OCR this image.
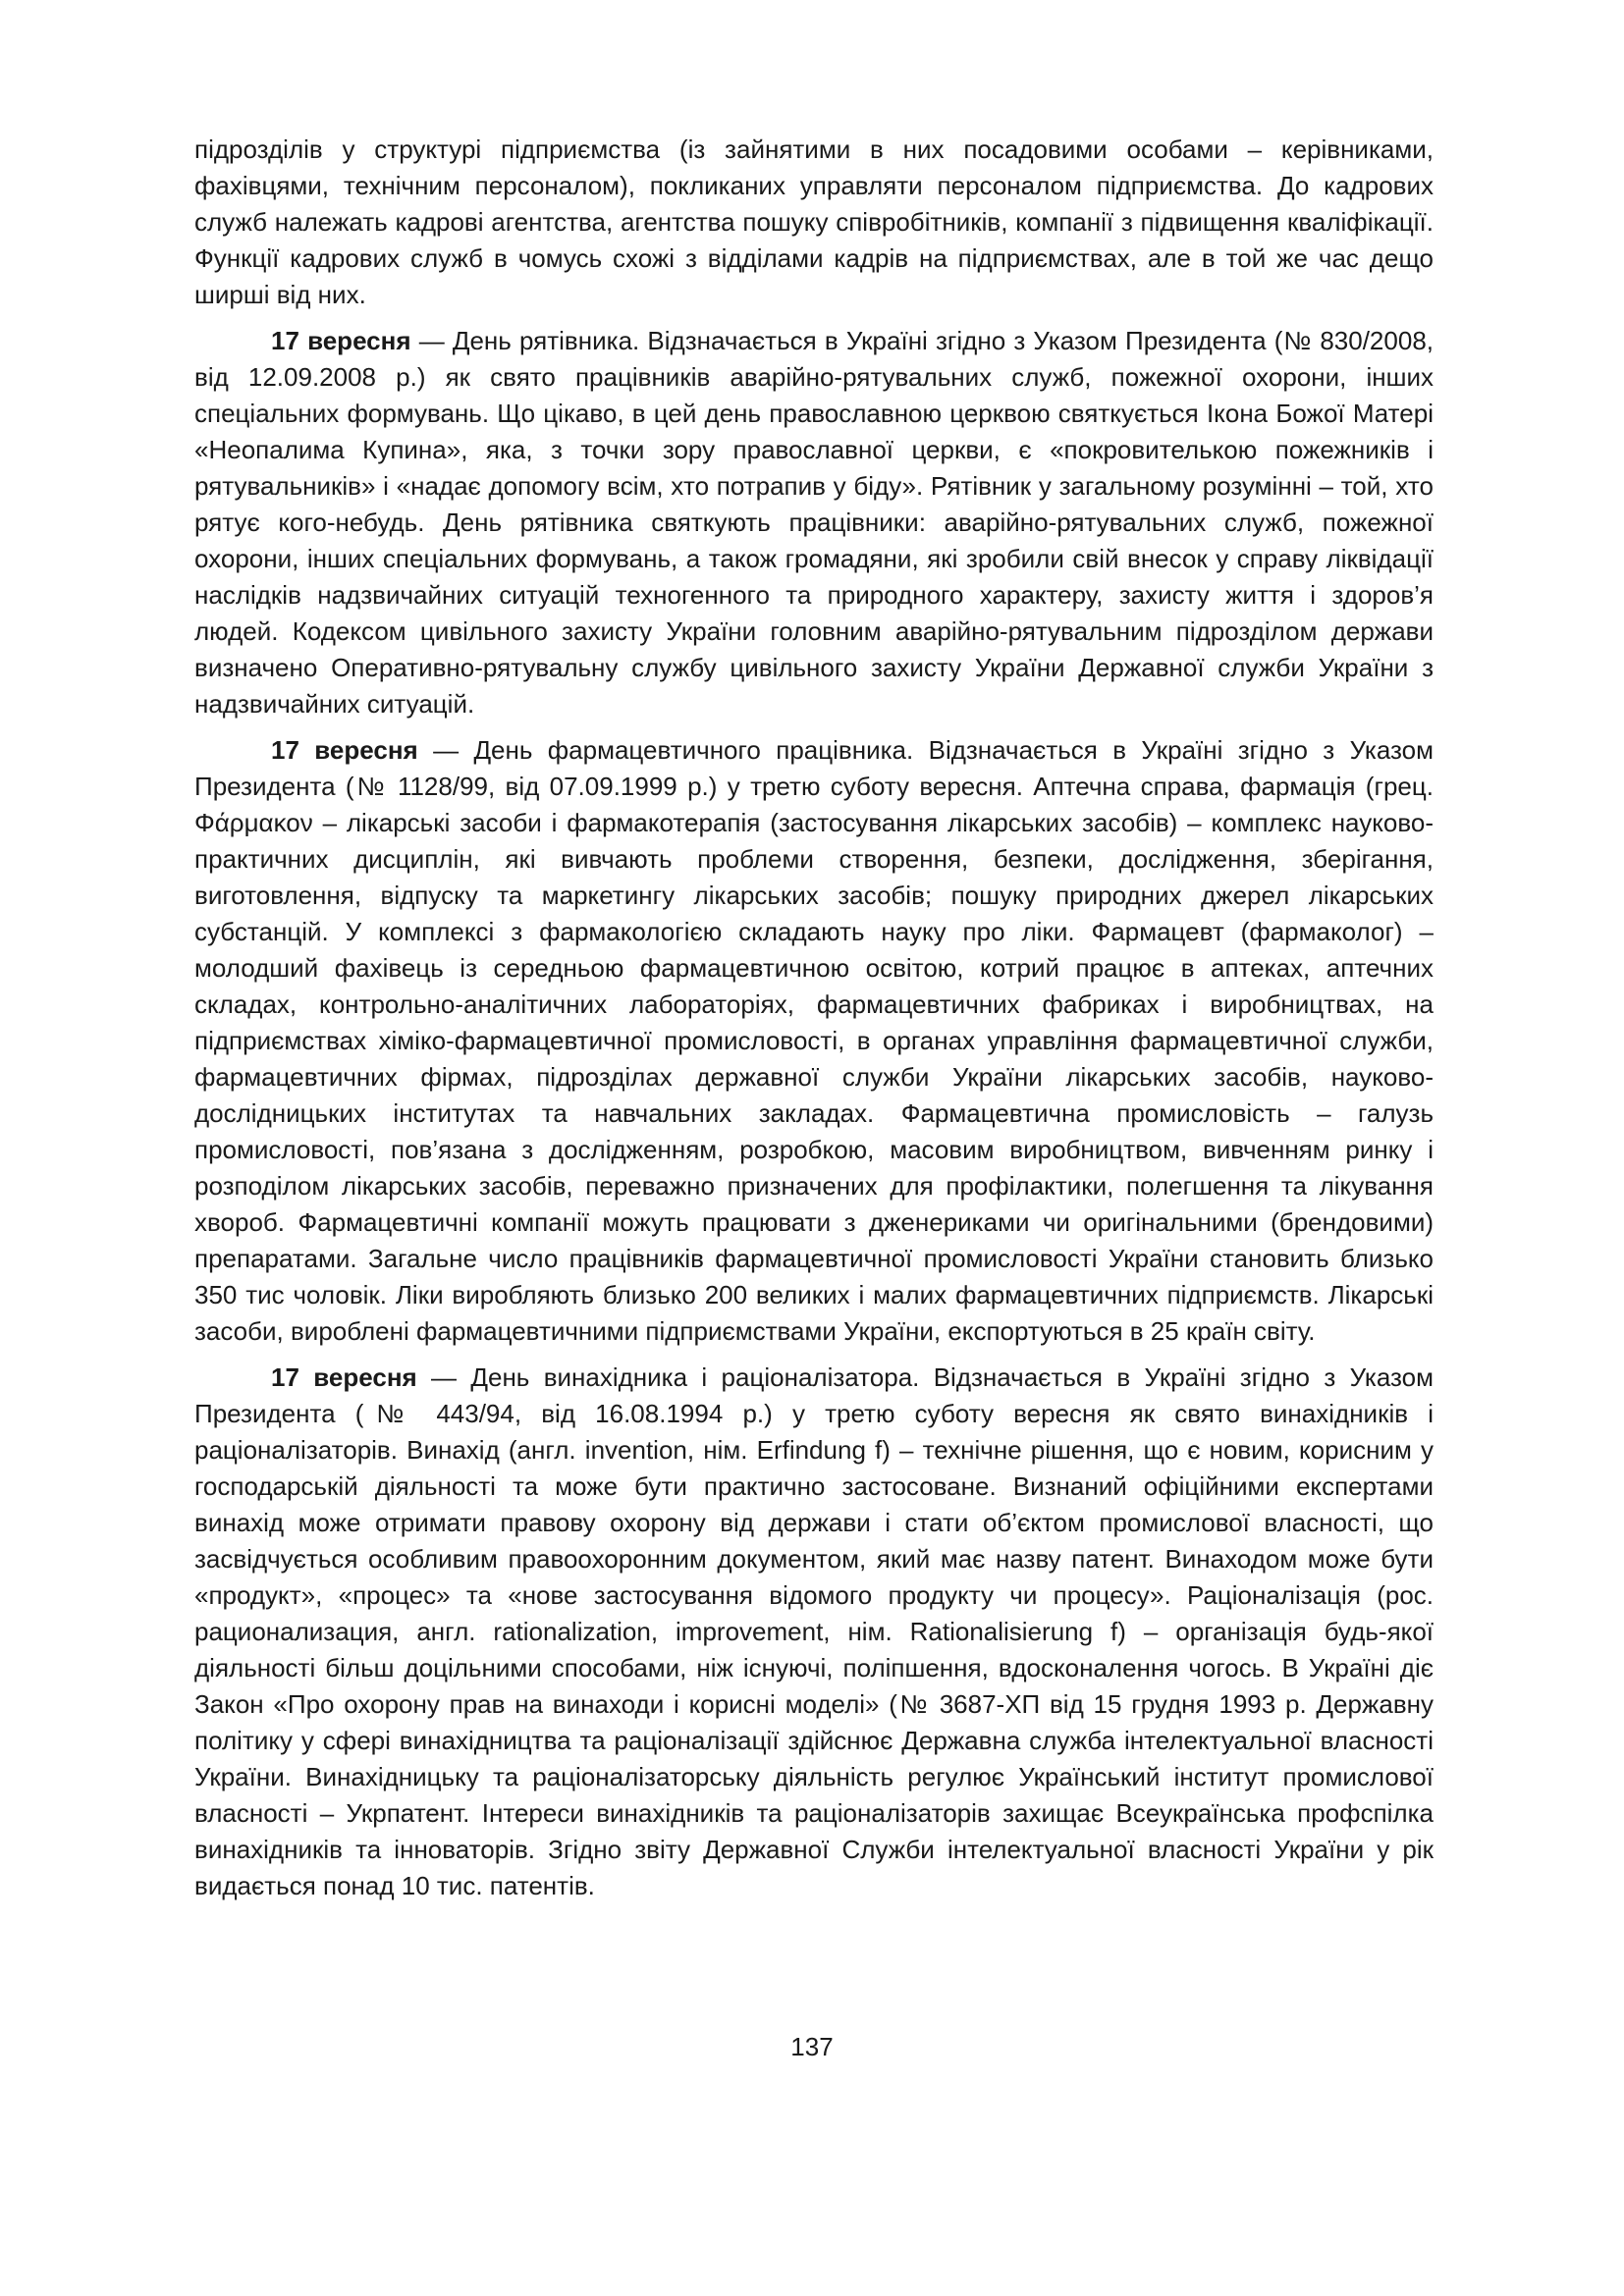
підрозділів у структурі підприємства (із зайнятими в них посадовими особами – керівниками, фахівцями, технічним персоналом), покликаних управляти персоналом підприємства. До кадрових служб належать кадрові агентства, агентства пошуку співробітників, компанії з підвищення кваліфікації. Функції кадрових служб в чомусь схожі з відділами кадрів на підприємствах, але в той же час дещо ширші від них.

17 вересня — День рятівника. Відзначається в Україні згідно з Указом Президента (№ 830/2008, від 12.09.2008 р.) як свято працівників аварійно-рятувальних служб, пожежної охорони, інших спеціальних формувань. Що цікаво, в цей день православною церквою святкується Ікона Божої Матері «Неопалима Купина», яка, з точки зору православної церкви, є «покровителькою пожежників і рятувальників» і «надає допомогу всім, хто потрапив у біду». Рятівник у загальному розумінні – той, хто рятує кого-небудь. День рятівника святкують працівники: аварійно-рятувальних служб, пожежної охорони, інших спеціальних формувань, а також громадяни, які зробили свій внесок у справу ліквідації наслідків надзвичайних ситуацій техногенного та природного характеру, захисту життя і здоров’я людей. Кодексом цивільного захисту України головним аварійно-рятувальним підрозділом держави визначено Оперативно-рятувальну службу цивільного захисту України Державної служби України з надзвичайних ситуацій.

17 вересня — День фармацевтичного працівника. Відзначається в Україні згідно з Указом Президента (№ 1128/99, від 07.09.1999 р.) у третю суботу вересня. Аптечна справа, фармація (грец. Φάρμακον – лікарські засоби і фармакотерапія (застосування лікарських засобів) – комплекс науково-практичних дисциплін, які вивчають проблеми створення, безпеки, дослідження, зберігання, виготовлення, відпуску та маркетингу лікарських засобів; пошуку природних джерел лікарських субстанцій. У комплексі з фармакологією складають науку про ліки. Фармацевт (фармаколог) – молодший фахівець із середньою фармацевтичною освітою, котрий працює в аптеках, аптечних складах, контрольно-аналітичних лабораторіях, фармацевтичних фабриках і виробництвах, на підприємствах хіміко-фармацевтичної промисловості, в органах управління фармацевтичної служби, фармацевтичних фірмах, підрозділах державної служби України лікарських засобів, науково-дослідницьких інститутах та навчальних закладах. Фармацевтична промисловість – галузь промисловості, пов’язана з дослідженням, розробкою, масовим виробництвом, вивченням ринку і розподілом лікарських засобів, переважно призначених для профілактики, полегшення та лікування хвороб. Фармацевтичні компанії можуть працювати з дженериками чи оригінальними (брендовими) препаратами. Загальне число працівників фармацевтичної промисловості України становить близько 350 тис чоловік. Ліки виробляють близько 200 великих і малих фармацевтичних підприємств. Лікарські засоби, вироблені фармацевтичними підприємствами України, експортуються в 25 країн світу.

17 вересня — День винахідника і раціоналізатора. Відзначається в Україні згідно з Указом Президента (№ 443/94, від 16.08.1994 р.) у третю суботу вересня як свято винахідників і раціоналізаторів. Винахід (англ. invention, нім. Erfindung f) – технічне рішення, що є новим, корисним у господарській діяльності та може бути практично застосоване. Визнаний офіційними експертами винахід може отримати правову охорону від держави і стати об’єктом промислової власності, що засвідчується особливим правоохоронним документом, який має назву патент. Винаходом може бути «продукт», «процес» та «нове застосування відомого продукту чи процесу». Раціоналізація (рос. рационализация, англ. rationalization, improvement, нім. Rationalisierung f) – організація будь-якої діяльності більш доцільними способами, ніж існуючі, поліпшення, вдосконалення чогось. В Україні діє Закон «Про охорону прав на винаходи і корисні моделі» (№ 3687-ХП від 15 грудня 1993 р. Державну політику у сфері винахідництва та раціоналізації здійснює Державна служба інтелектуальної власності України. Винахідницьку та раціоналізаторську діяльність регулює Український інститут промислової власності – Укрпатент. Інтереси винахідників та раціоналізаторів захищає Всеукраїнська профспілка винахідників та інноваторів. Згідно звіту Державної Служби інтелектуальної власності України у рік видається понад 10 тис. патентів.

137
